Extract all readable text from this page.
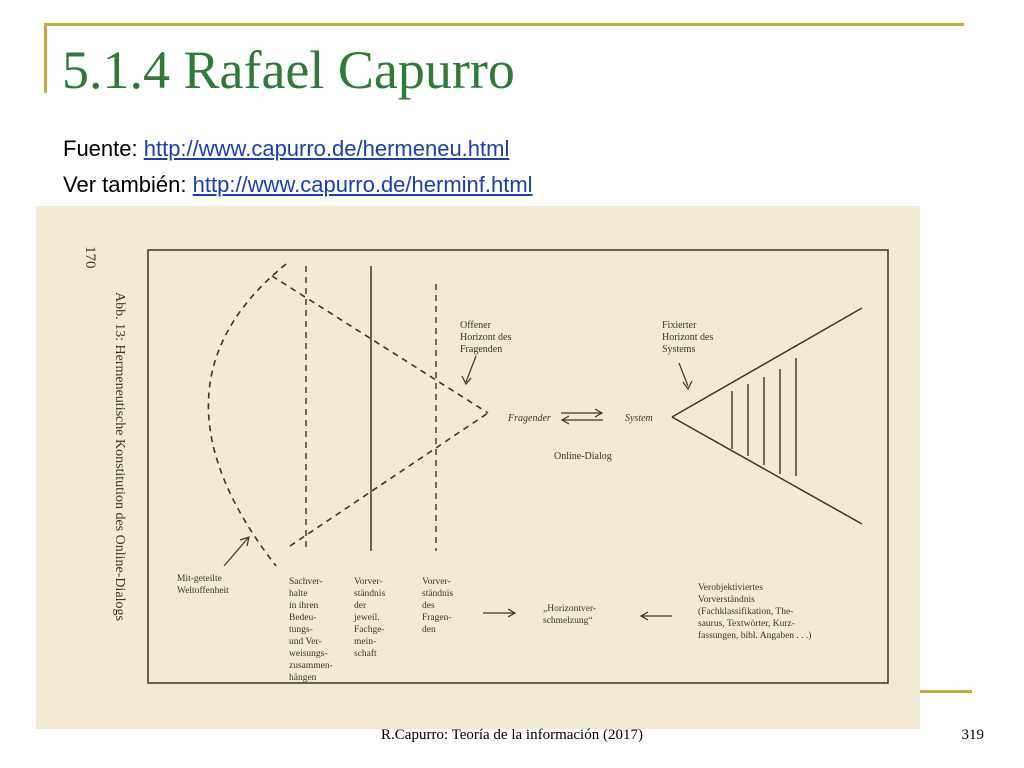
5.1.4 Rafael Capurro
Fuente: http://www.capurro.de/hermeneu.html
Ver también: http://www.capurro.de/herminf.html
170
Abb. 13: Hermeneutische Konstitution des Online-Dialogs	Offener Horizont des Fragenden
Fragender	System
Online-Dialog
Fixierter Horizont des Systems
Mit-geteilte Weltoffenheit
Sachver- halte in ihren Bedeu- tungs- und Ver- weisungs- zusammen- hängen
Vorver- ständnis der jeweil. Fachge- mein- schaft
Vorver- ständnis des Fragen- den
„Horizontver- schmelzung“
Verobjektiviertes Vorverständnis (Fachklassifikation, The- saurus, Textwörter, Kurz- fassungen, bibl. Angaben . . .)
R.Capurro: Teoría de la información (2017)	319
